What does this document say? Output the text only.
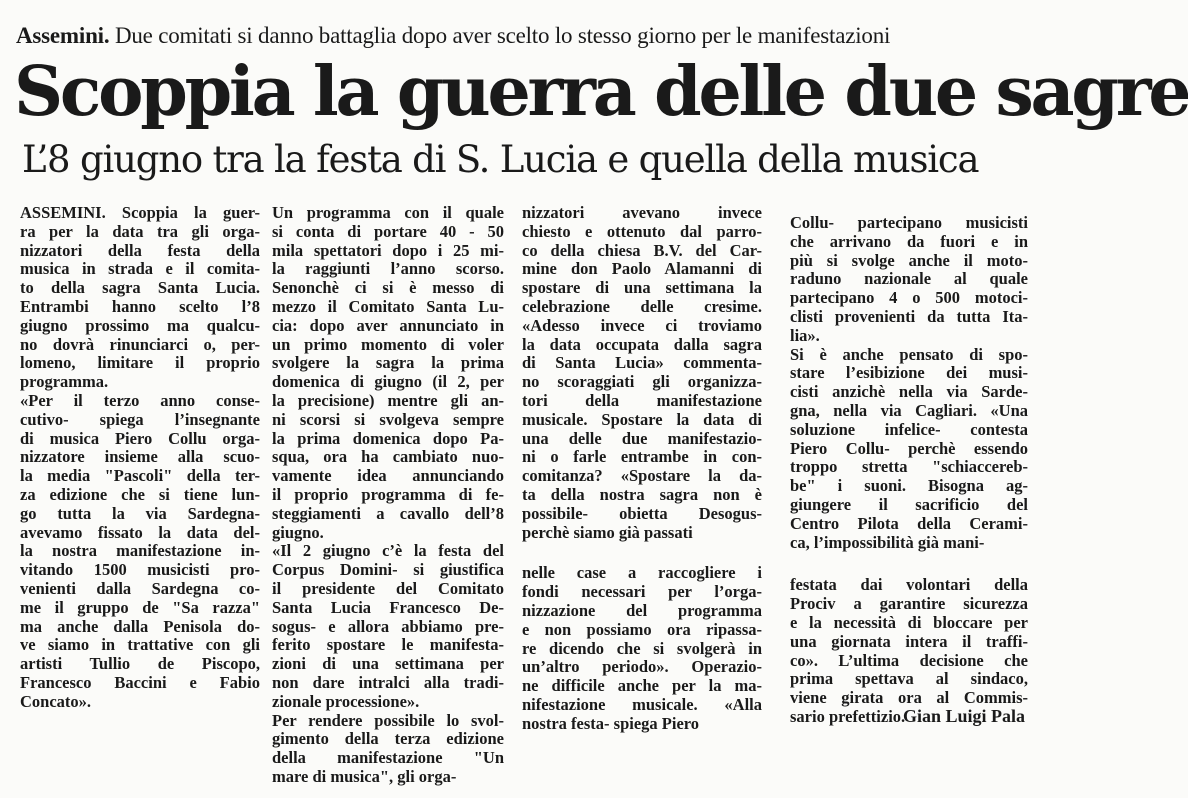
Assemini. Due comitati si danno battaglia dopo aver scelto lo stesso giorno per le manifestazioni
Scoppia la guerra delle due sagre
L’8 giugno tra la festa di S. Lucia e quella della musica
ASSEMINI. Scoppia la guer-
ra per la data tra gli orga-
nizzatori della festa della
musica in strada e il comita-
to della sagra Santa Lucia.
Entrambi hanno scelto l’8
giugno prossimo ma qualcu-
no dovrà rinunciarci o, per-
lomeno, limitare il proprio
programma.
«Per il terzo anno conse-
cutivo- spiega l’insegnante
di musica Piero Collu orga-
nizzatore insieme alla scuo-
la media "Pascoli" della ter-
za edizione che si tiene lun-
go tutta la via Sardegna-
avevamo fissato la data del-
la nostra manifestazione in-
vitando 1500 musicisti pro-
venienti dalla Sardegna co-
me il gruppo de "Sa razza"
ma anche dalla Penisola do-
ve siamo in trattative con gli
artisti Tullio de Piscopo,
Francesco Baccini e Fabio
Concato».
Un programma con il quale
si conta di portare 40 - 50
mila spettatori dopo i 25 mi-
la raggiunti l’anno scorso.
Senonchè ci si è messo di
mezzo il Comitato Santa Lu-
cia: dopo aver annunciato in
un primo momento di voler
svolgere la sagra la prima
domenica di giugno (il 2, per
la precisione) mentre gli an-
ni scorsi si svolgeva sempre
la prima domenica dopo Pa-
squa, ora ha cambiato nuo-
vamente idea annunciando
il proprio programma di fe-
steggiamenti a cavallo dell’8
giugno.
«Il 2 giugno c’è la festa del
Corpus Domini- si giustifica
il presidente del Comitato
Santa Lucia Francesco De-
sogus- e allora abbiamo pre-
ferito spostare le manifesta-
zioni di una settimana per
non dare intralci alla tradi-
zionale processione».
Per rendere possibile lo svol-
gimento della terza edizione
della manifestazione "Un
mare di musica", gli orga-
nizzatori avevano invece
chiesto e ottenuto dal parro-
co della chiesa B.V. del Car-
mine don Paolo Alamanni di
spostare di una settimana la
celebrazione delle cresime.
«Adesso invece ci troviamo
la data occupata dalla sagra
di Santa Lucia» commenta-
no scoraggiati gli organizza-
tori della manifestazione
musicale. Spostare la data di
una delle due manifestazio-
ni o farle entrambe in con-
comitanza? «Spostare la da-
ta della nostra sagra non è
possibile- obietta Desogus-
perchè siamo già passati
nelle case a raccogliere i
fondi necessari per l’orga-
nizzazione del programma
e non possiamo ora ripassa-
re dicendo che si svolgerà in
un’altro periodo». Operazio-
ne difficile anche per la ma-
nifestazione musicale. «Alla
nostra festa- spiega Piero
Collu- partecipano musicisti
che arrivano da fuori e in
più si svolge anche il moto-
raduno nazionale al quale
partecipano 4 o 500 motoci-
clisti provenienti da tutta Ita-
lia».
Si è anche pensato di spo-
stare l’esibizione dei musi-
cisti anzichè nella via Sarde-
gna, nella via Cagliari. «Una
soluzione infelice- contesta
Piero Collu- perchè essendo
troppo stretta "schiaccereb-
be" i suoni. Bisogna ag-
giungere il sacrificio del
Centro Pilota della Cerami-
ca, l’impossibilità già mani-
festata dai volontari della
Prociv a garantire sicurezza
e la necessità di bloccare per
una giornata intera il traffi-
co». L’ultima decisione che
prima spettava al sindaco,
viene girata ora al Commis-
sario prefettizio.
Gian Luigi Pala
